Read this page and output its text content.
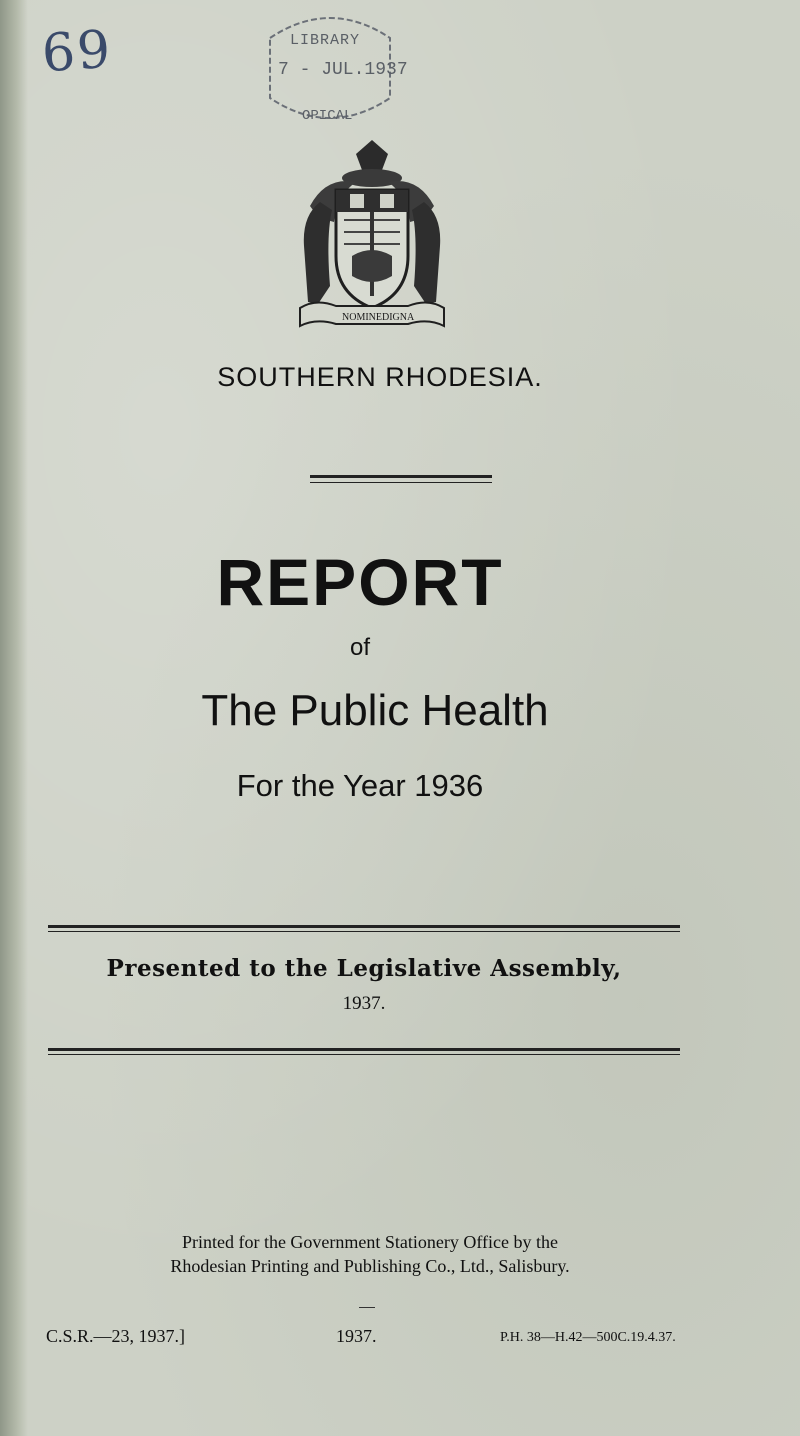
69	LIBRARY
7 - JUL.1937
OPICAL
NOMINE DIGNA
SOUTHERN RHODESIA.
REPORT
of
The Public Health
For the Year 1936
Presented to the Legislative Assembly,
1937.
Printed for the Government Stationery Office by the
Rhodesian Printing and Publishing Co., Ltd., Salisbury.
C.S.R.—23, 1937.]	1937.	P.H. 38—H.42—500C.19.4.37.
